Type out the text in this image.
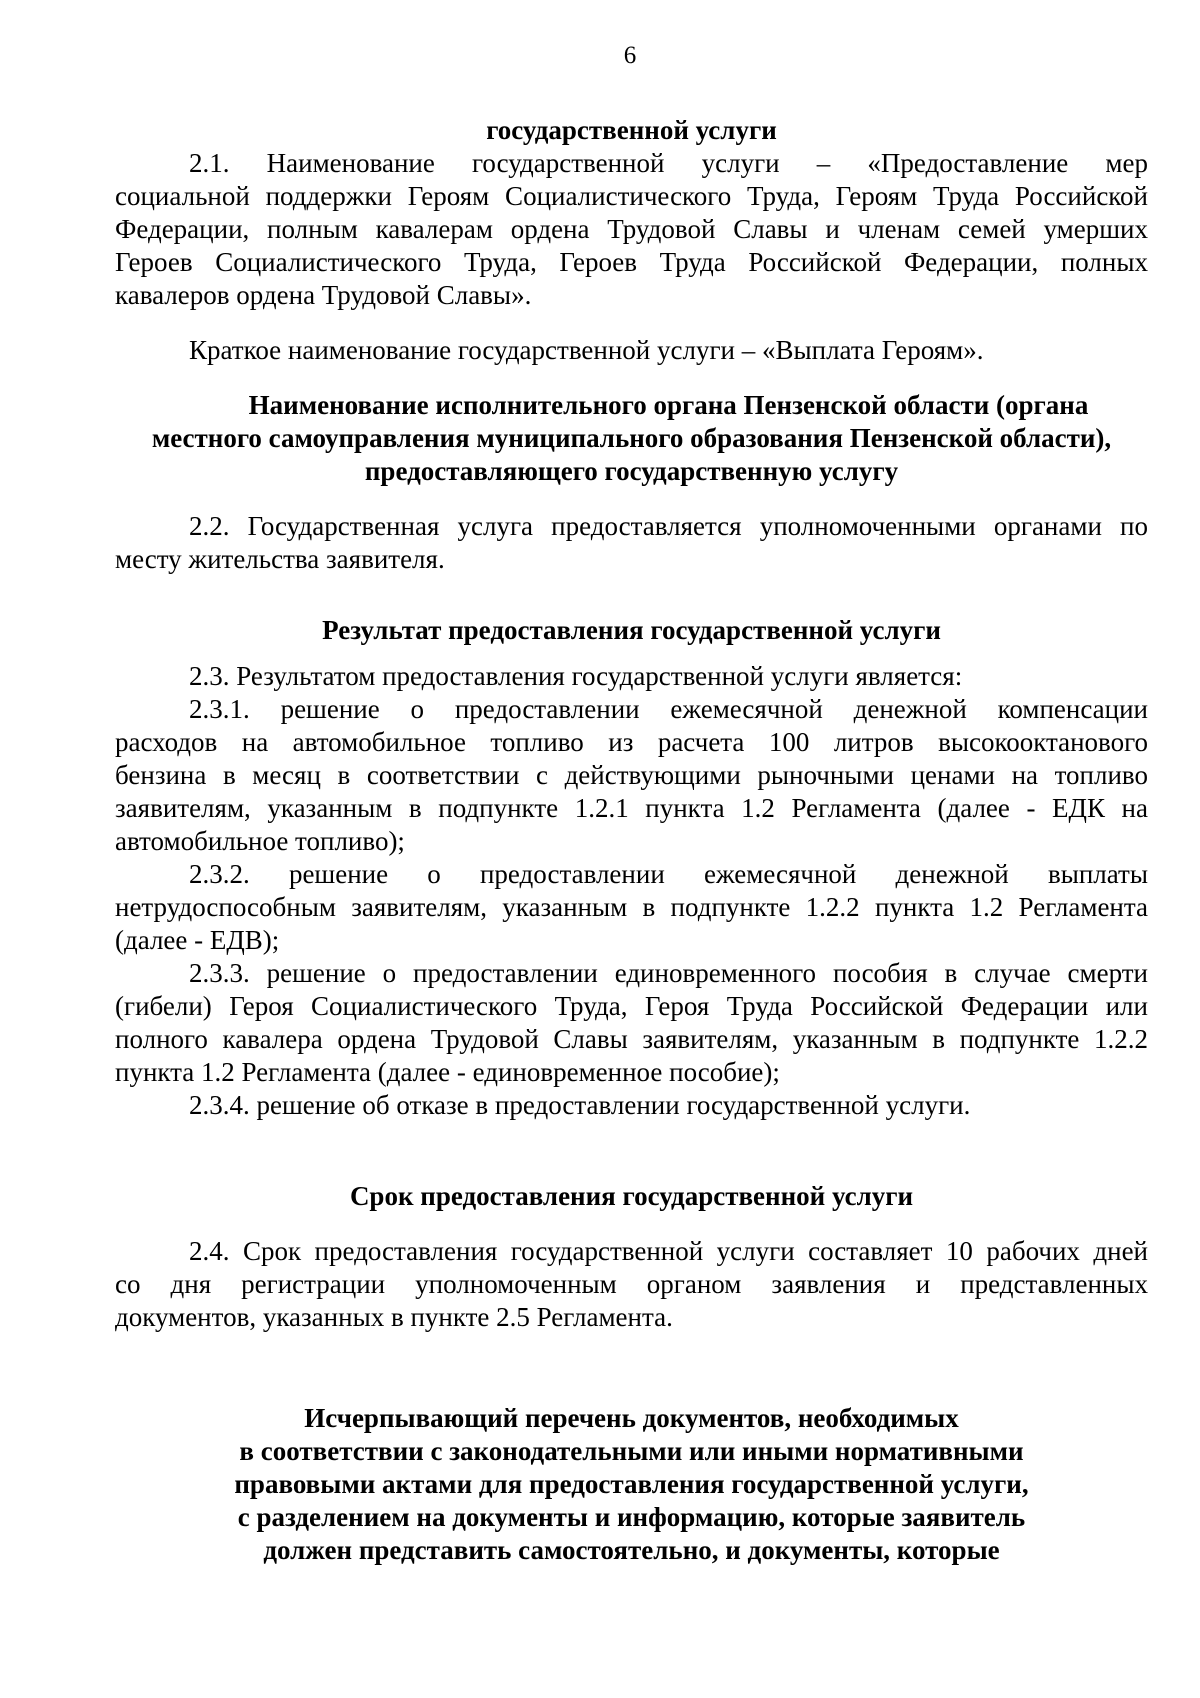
6
государственной услуги
2.1. Наименование государственной услуги – «Предоставление мер
социальной поддержки Героям Социалистического Труда, Героям Труда Российской
Федерации, полным кавалерам ордена Трудовой Славы и членам семей умерших
Героев Социалистического Труда, Героев Труда Российской Федерации, полных
кавалеров ордена Трудовой Славы».
Краткое наименование государственной услуги – «Выплата Героям».
Наименование исполнительного органа Пензенской области (органа
местного самоуправления муниципального образования Пензенской области),
предоставляющего государственную услугу
2.2. Государственная услуга предоставляется уполномоченными органами по
месту жительства заявителя.
Результат предоставления государственной услуги
2.3. Результатом предоставления государственной услуги является:
2.3.1. решение о предоставлении ежемесячной денежной компенсации
расходов на автомобильное топливо из расчета 100 литров высокооктанового
бензина в месяц в соответствии с действующими рыночными ценами на топливо
заявителям, указанным в подпункте 1.2.1 пункта 1.2 Регламента (далее - ЕДК на
автомобильное топливо);
2.3.2. решение о предоставлении ежемесячной денежной выплаты
нетрудоспособным заявителям, указанным в подпункте 1.2.2 пункта 1.2 Регламента
(далее - ЕДВ);
2.3.3. решение о предоставлении единовременного пособия в случае смерти
(гибели) Героя Социалистического Труда, Героя Труда Российской Федерации или
полного кавалера ордена Трудовой Славы заявителям, указанным в подпункте 1.2.2
пункта 1.2 Регламента (далее - единовременное пособие);
2.3.4. решение об отказе в предоставлении государственной услуги.
Срок предоставления государственной услуги
2.4. Срок предоставления государственной услуги составляет 10 рабочих дней
со дня регистрации уполномоченным органом заявления и представленных
документов, указанных в пункте 2.5 Регламента.
Исчерпывающий перечень документов, необходимых
в соответствии с законодательными или иными нормативными
правовыми актами для предоставления государственной услуги,
с разделением на документы и информацию, которые заявитель
должен представить самостоятельно, и документы, которые
